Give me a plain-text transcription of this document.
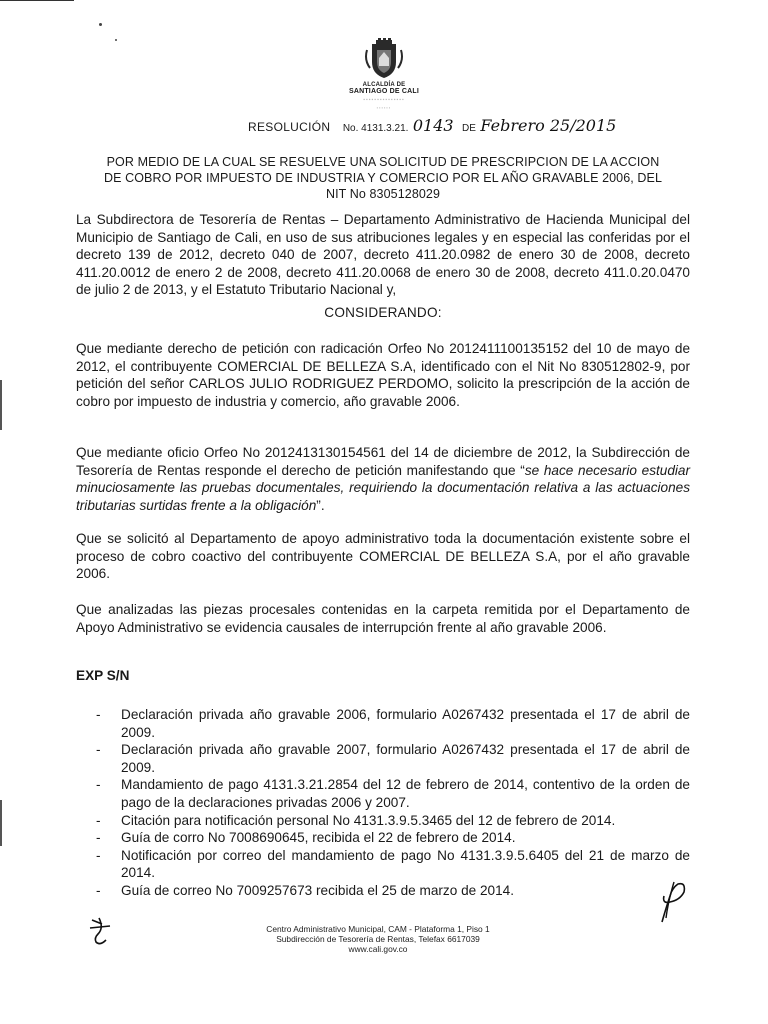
ALCALDÍA DE
SANTIAGO DE CALI
▪▪▪▪▪▪▪▪▪▪▪▪▪▪▪
▪▪▪▪▪▪
RESOLUCIÓN No. 4131.3.21. 0143 DE Febrero 25/2015
POR MEDIO DE LA CUAL SE RESUELVE UNA SOLICITUD DE PRESCRIPCION DE LA ACCION
DE COBRO POR IMPUESTO DE INDUSTRIA Y COMERCIO POR EL AÑO GRAVABLE 2006, DEL
NIT No 8305128029
La Subdirectora de Tesorería de Rentas – Departamento Administrativo de Hacienda Municipal del Municipio de Santiago de Cali, en uso de sus atribuciones legales y en especial las conferidas por el decreto 139 de 2012, decreto 040 de 2007, decreto 411.20.0982 de enero 30 de 2008, decreto 411.20.0012 de enero 2 de 2008, decreto 411.20.0068 de enero 30 de 2008, decreto 411.0.20.0470 de julio 2 de 2013, y el Estatuto Tributario Nacional y,
CONSIDERANDO:
Que mediante derecho de petición con radicación Orfeo No 2012411100135152 del 10 de mayo de 2012, el contribuyente COMERCIAL DE BELLEZA S.A, identificado con el Nit No 830512802-9, por petición del señor CARLOS JULIO RODRIGUEZ PERDOMO, solicito la prescripción de la acción de cobro por impuesto de industria y comercio, año gravable 2006.
Que mediante oficio Orfeo No 2012413130154561 del 14 de diciembre de 2012, la Subdirección de Tesorería de Rentas responde el derecho de petición manifestando que “se hace necesario estudiar minuciosamente las pruebas documentales, requiriendo la documentación relativa a las actuaciones tributarias surtidas frente a la obligación”.
Que se solicitó al Departamento de apoyo administrativo toda la documentación existente sobre el proceso de cobro coactivo del contribuyente COMERCIAL DE BELLEZA S.A, por el año gravable 2006.
Que analizadas las piezas procesales contenidas en la carpeta remitida por el Departamento de Apoyo Administrativo se evidencia causales de interrupción frente al año gravable 2006.
EXP S/N
- Declaración privada año gravable 2006, formulario A0267432 presentada el 17 de abril de 2009.
- Declaración privada año gravable 2007, formulario A0267432 presentada el 17 de abril de 2009.
- Mandamiento de pago 4131.3.21.2854 del 12 de febrero de 2014, contentivo de la orden de pago de la declaraciones privadas 2006 y 2007.
- Citación para notificación personal No 4131.3.9.5.3465 del 12 de febrero de 2014.
- Guía de corro No 7008690645, recibida el 22 de febrero de 2014.
- Notificación por correo del mandamiento de pago No 4131.3.9.5.6405 del 21 de marzo de 2014.
- Guía de correo No 7009257673 recibida el 25 de marzo de 2014.
Centro Administrativo Municipal, CAM - Plataforma 1, Piso 1
Subdirección de Tesorería de Rentas, Telefax 6617039
www.cali.gov.co
